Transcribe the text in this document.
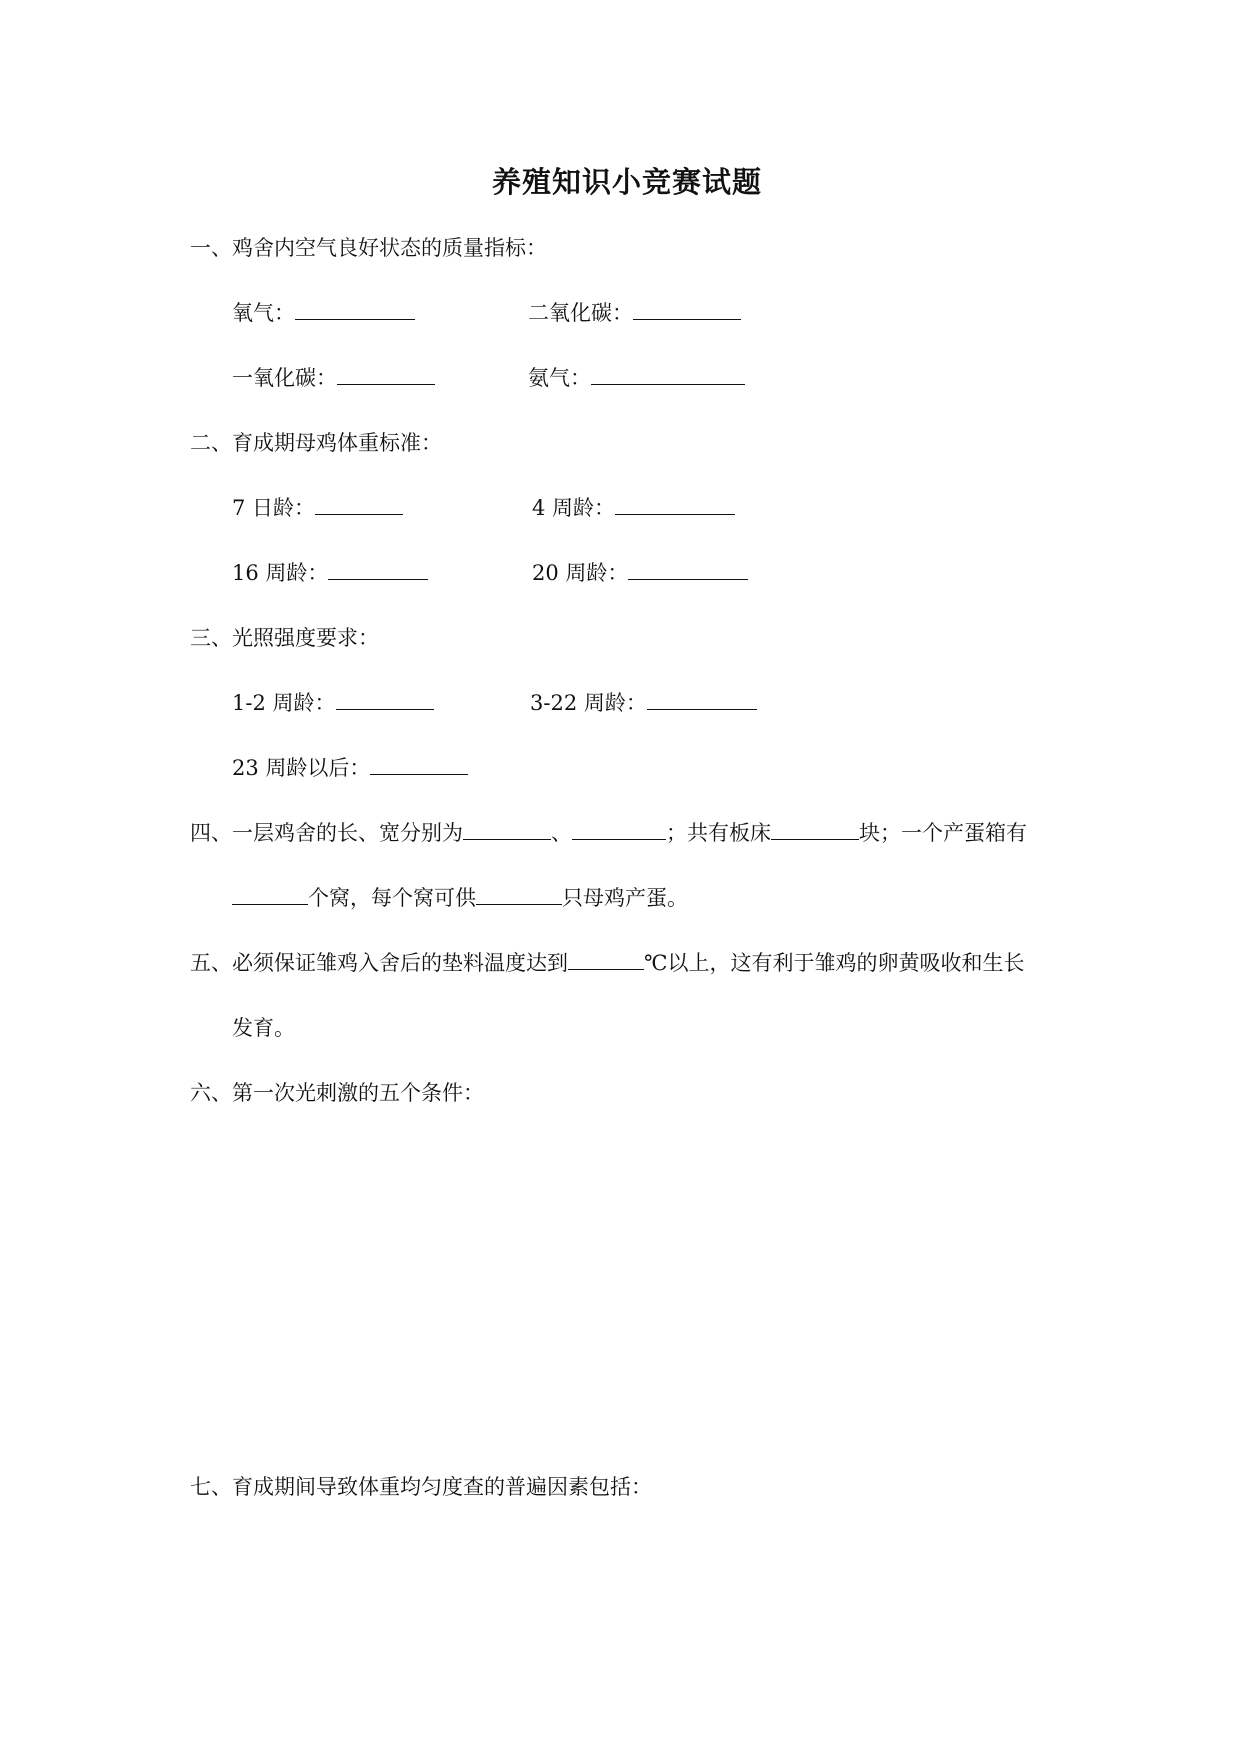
养殖知识小竞赛试题
一、鸡舍内空气良好状态的质量指标：
氧气：	二氧化碳：
一氧化碳：	氨气：
二、育成期母鸡体重标准：
7 日龄：	4 周龄：
16 周龄：	20 周龄：
三、光照强度要求：
1-2 周龄：	3-22 周龄：
23 周龄以后：
四、一层鸡舍的长、宽分别为	、	；共有板床	块；一个产蛋箱有
个窝，每个窝可供	只母鸡产蛋。
五、必须保证雏鸡入舍后的垫料温度达到	℃以上，这有利于雏鸡的卵黄吸收和生长
发育。
六、第一次光刺激的五个条件：
七、育成期间导致体重均匀度查的普遍因素包括：
